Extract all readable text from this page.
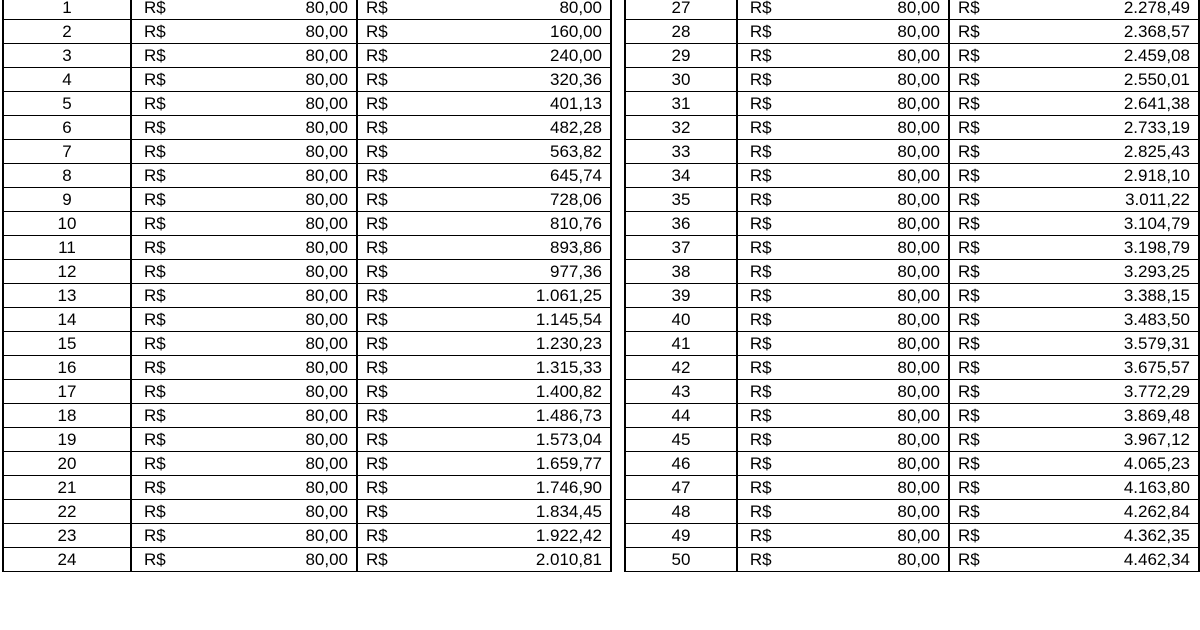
1	R$	80,00	R$	80,00
2	R$	80,00	R$	160,00
3	R$	80,00	R$	240,00
4	R$	80,00	R$	320,36
5	R$	80,00	R$	401,13
6	R$	80,00	R$	482,28
7	R$	80,00	R$	563,82
8	R$	80,00	R$	645,74
9	R$	80,00	R$	728,06
10	R$	80,00	R$	810,76
11	R$	80,00	R$	893,86
12	R$	80,00	R$	977,36
13	R$	80,00	R$	1.061,25
14	R$	80,00	R$	1.145,54
15	R$	80,00	R$	1.230,23
16	R$	80,00	R$	1.315,33
17	R$	80,00	R$	1.400,82
18	R$	80,00	R$	1.486,73
19	R$	80,00	R$	1.573,04
20	R$	80,00	R$	1.659,77
21	R$	80,00	R$	1.746,90
22	R$	80,00	R$	1.834,45
23	R$	80,00	R$	1.922,42
24	R$	80,00	R$	2.010,81
27	R$	80,00	R$	2.278,49
28	R$	80,00	R$	2.368,57
29	R$	80,00	R$	2.459,08
30	R$	80,00	R$	2.550,01
31	R$	80,00	R$	2.641,38
32	R$	80,00	R$	2.733,19
33	R$	80,00	R$	2.825,43
34	R$	80,00	R$	2.918,10
35	R$	80,00	R$	3.011,22
36	R$	80,00	R$	3.104,79
37	R$	80,00	R$	3.198,79
38	R$	80,00	R$	3.293,25
39	R$	80,00	R$	3.388,15
40	R$	80,00	R$	3.483,50
41	R$	80,00	R$	3.579,31
42	R$	80,00	R$	3.675,57
43	R$	80,00	R$	3.772,29
44	R$	80,00	R$	3.869,48
45	R$	80,00	R$	3.967,12
46	R$	80,00	R$	4.065,23
47	R$	80,00	R$	4.163,80
48	R$	80,00	R$	4.262,84
49	R$	80,00	R$	4.362,35
50	R$	80,00	R$	4.462,34
